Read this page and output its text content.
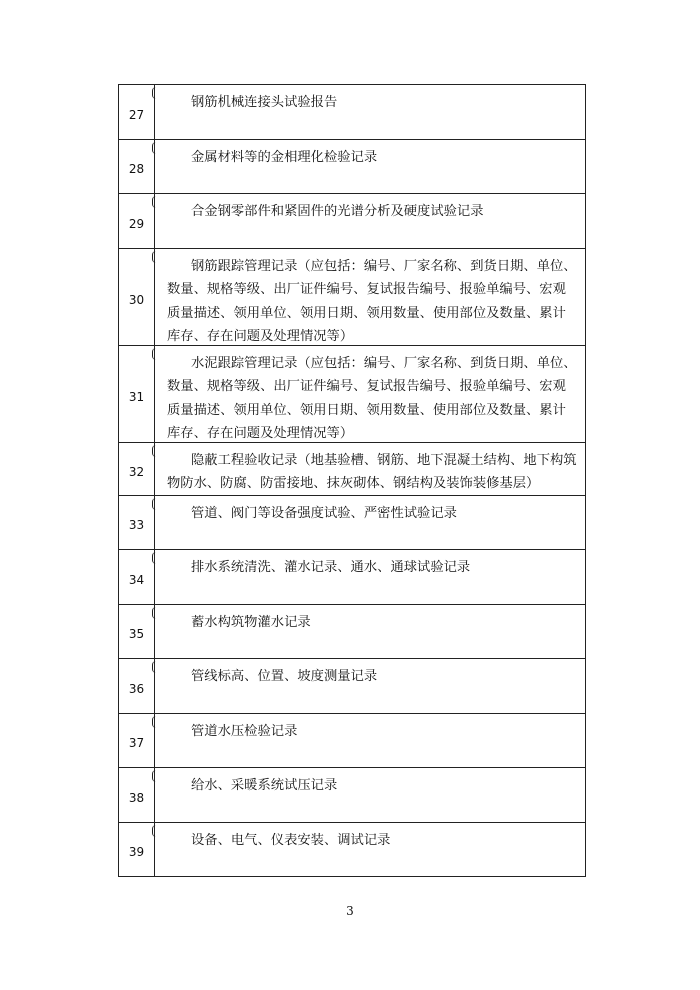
27
钢筋机械连接头试验报告
28
金属材料等的金相理化检验记录
29
合金钢零部件和紧固件的光谱分析及硬度试验记录
30
钢筋跟踪管理记录（应包括：编号、厂家名称、到货日期、单位、数量、规格等级、出厂证件编号、复试报告编号、报验单编号、宏观质量描述、领用单位、领用日期、领用数量、使用部位及数量、累计库存、存在问题及处理情况等）
31
水泥跟踪管理记录（应包括：编号、厂家名称、到货日期、单位、数量、规格等级、出厂证件编号、复试报告编号、报验单编号、宏观质量描述、领用单位、领用日期、领用数量、使用部位及数量、累计库存、存在问题及处理情况等）
32
隐蔽工程验收记录（地基验槽、钢筋、地下混凝土结构、地下构筑物防水、防腐、防雷接地、抹灰砌体、钢结构及装饰装修基层）
33
管道、阀门等设备强度试验、严密性试验记录
34
排水系统清洗、灌水记录、通水、通球试验记录
35
蓄水构筑物灌水记录
36
管线标高、位置、坡度测量记录
37
管道水压检验记录
38
给水、采暖系统试压记录
39
设备、电气、仪表安装、调试记录
3
